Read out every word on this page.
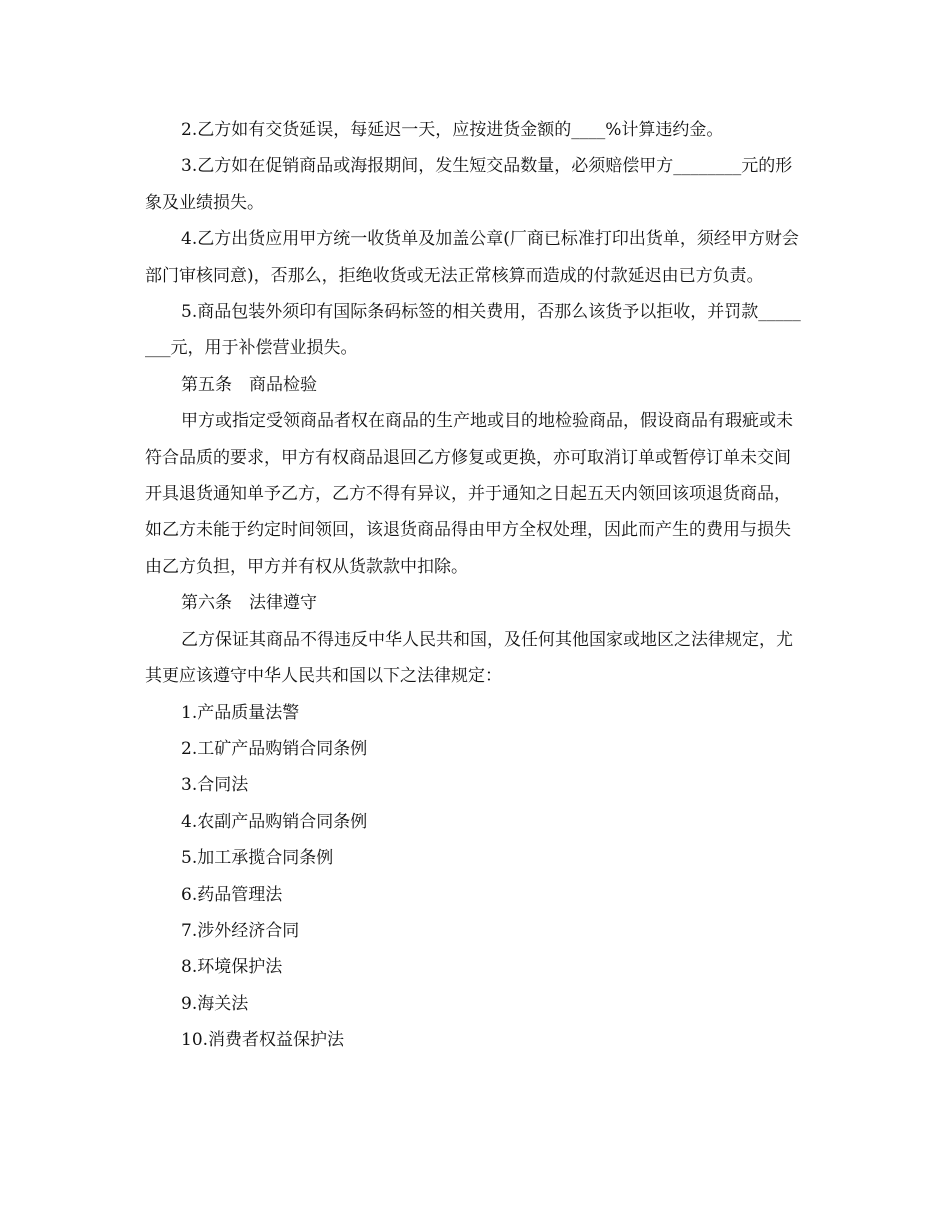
2.乙方如有交货延误，每延迟一天，应按进货金额的____%计算违约金。

3.乙方如在促销商品或海报期间，发生短交品数量，必须赔偿甲方________元的形象及业绩损失。

4.乙方出货应用甲方统一收货单及加盖公章(厂商已标准打印出货单，须经甲方财会部门审核同意)，否那么，拒绝收货或无法正常核算而造成的付款延迟由已方负责。

5.商品包装外须印有国际条码标签的相关费用，否那么该货予以拒收，并罚款________元，用于补偿营业损失。

第五条　商品检验

甲方或指定受领商品者权在商品的生产地或目的地检验商品，假设商品有瑕疵或未符合品质的要求，甲方有权商品退回乙方修复或更换，亦可取消订单或暂停订单未交间开具退货通知单予乙方，乙方不得有异议，并于通知之日起五天内领回该项退货商品，如乙方未能于约定时间领回，该退货商品得由甲方全权处理，因此而产生的费用与损失由乙方负担，甲方并有权从货款款中扣除。

第六条　法律遵守

乙方保证其商品不得违反中华人民共和国，及任何其他国家或地区之法律规定，尤其更应该遵守中华人民共和国以下之法律规定：

1.产品质量法警

2.工矿产品购销合同条例

3.合同法

4.农副产品购销合同条例

5.加工承揽合同条例

6.药品管理法

7.涉外经济合同

8.环境保护法

9.海关法

10.消费者权益保护法
